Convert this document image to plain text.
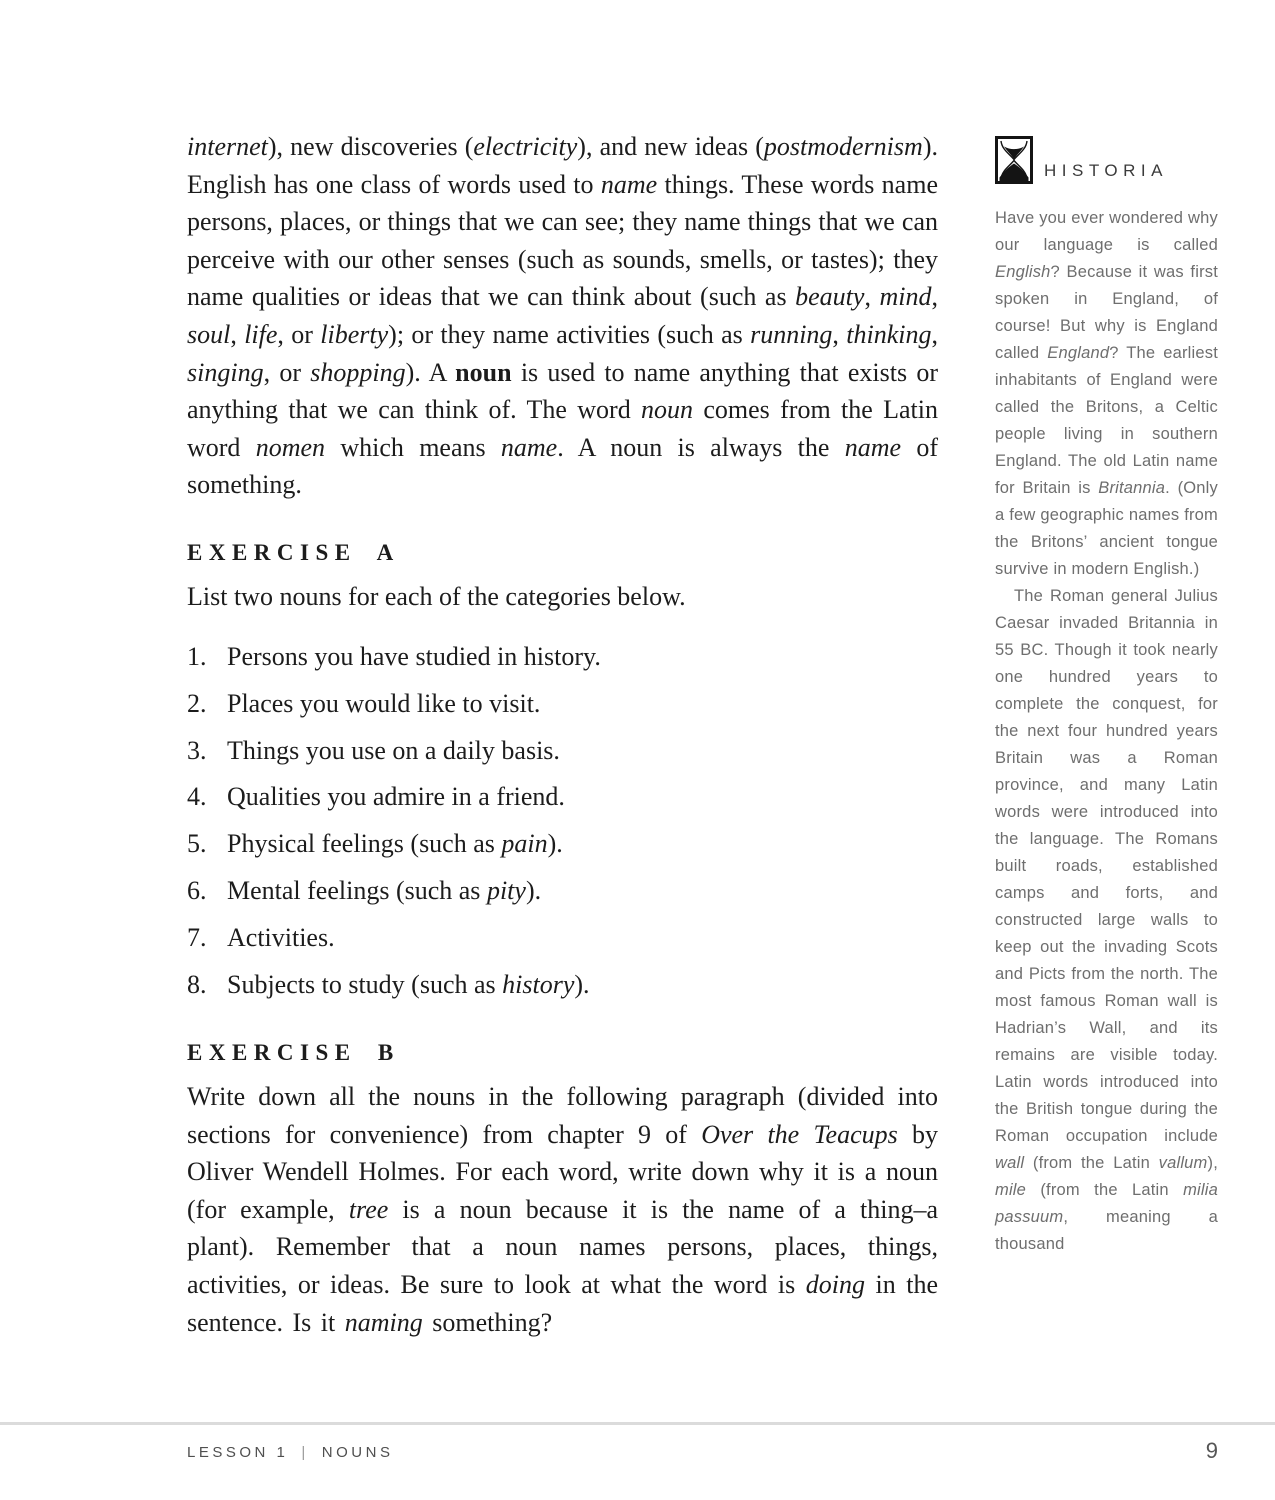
internet), new discoveries (electricity), and new ideas (postmodernism). English has one class of words used to name things. These words name persons, places, or things that we can see; they name things that we can perceive with our other senses (such as sounds, smells, or tastes); they name qualities or ideas that we can think about (such as beauty, mind, soul, life, or liberty); or they name activities (such as running, thinking, singing, or shopping). A noun is used to name anything that exists or anything that we can think of. The word noun comes from the Latin word nomen which means name. A noun is always the name of something.

EXERCISE A

List two nouns for each of the categories below.

1. Persons you have studied in history.
2. Places you would like to visit.
3. Things you use on a daily basis.
4. Qualities you admire in a friend.
5. Physical feelings (such as pain).
6. Mental feelings (such as pity).
7. Activities.
8. Subjects to study (such as history).
EXERCISE B

Write down all the nouns in the following paragraph (divided into sections for convenience) from chapter 9 of Over the Teacups by Oliver Wendell Holmes. For each word, write down why it is a noun (for example, tree is a noun because it is the name of a thing–a plant). Remember that a noun names persons, places, things, activities, or ideas. Be sure to look at what the word is doing in the sentence. Is it naming something?

HISTORIA

Have you ever wondered why our language is called English? Because it was first spoken in England, of course! But why is England called England? The earliest inhabitants of England were called the Britons, a Celtic people living in southern England. The old Latin name for Britain is Britannia. (Only a few geographic names from the Britons’ ancient tongue survive in modern English.)

The Roman general Julius Caesar invaded Britannia in 55 BC. Though it took nearly one hundred years to complete the conquest, for the next four hundred years Britain was a Roman province, and many Latin words were introduced into the language. The Romans built roads, established camps and forts, and constructed large walls to keep out the invading Scots and Picts from the north. The most famous Roman wall is Hadrian’s Wall, and its remains are visible today. Latin words introduced into the British tongue during the Roman occupation include wall (from the Latin vallum), mile (from the Latin milia passuum, meaning a thousand

LESSON 1 | NOUNS	9
